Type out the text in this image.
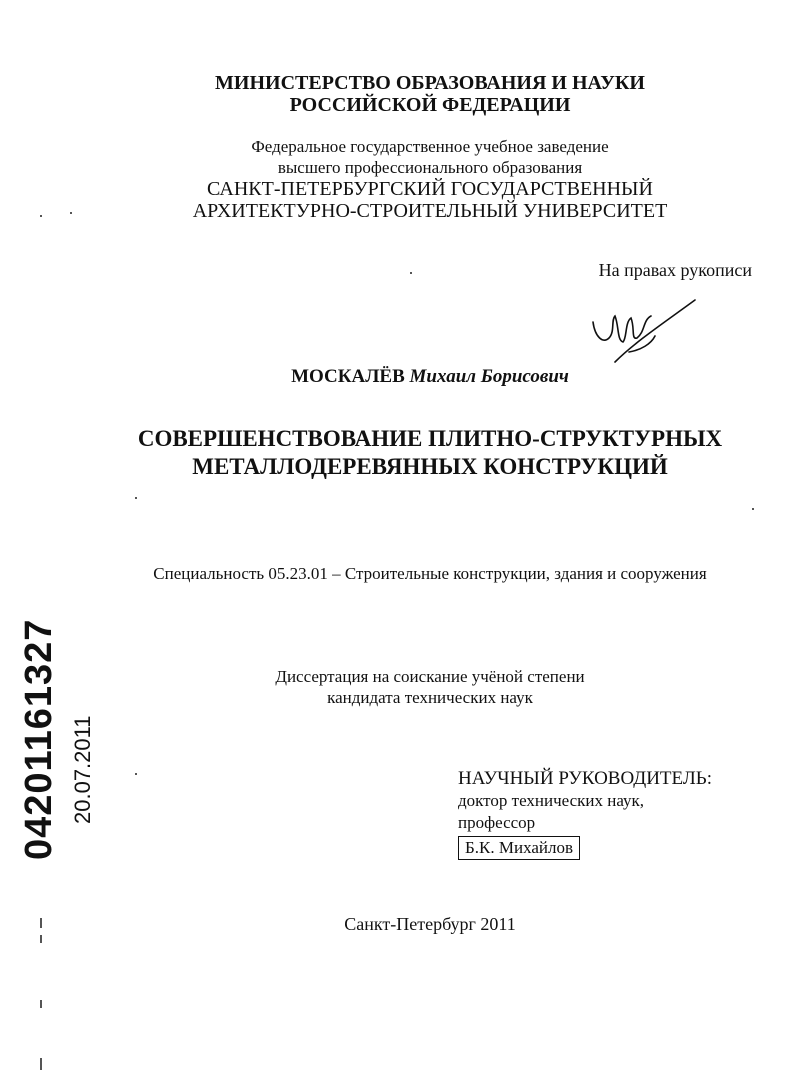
МИНИСТЕРСТВО ОБРАЗОВАНИЯ И НАУКИ
РОССИЙСКОЙ ФЕДЕРАЦИИ
Федеральное государственное учебное заведение
высшего профессионального образования
САНКТ-ПЕТЕРБУРГСКИЙ ГОСУДАРСТВЕННЫЙ
АРХИТЕКТУРНО-СТРОИТЕЛЬНЫЙ УНИВЕРСИТЕТ
На правах рукописи
МОСКАЛЁВ Михаил Борисович
СОВЕРШЕНСТВОВАНИЕ ПЛИТНО-СТРУКТУРНЫХ
МЕТАЛЛОДЕРЕВЯННЫХ КОНСТРУКЦИЙ
Специальность 05.23.01 – Строительные конструкции, здания и сооружения
Диссертация на соискание учёной степени
кандидата технических наук
НАУЧНЫЙ РУКОВОДИТЕЛЬ:
доктор технических наук,
профессор
Б.К. Михайлов
Санкт-Петербург 2011
04201161327 20.07.2011
